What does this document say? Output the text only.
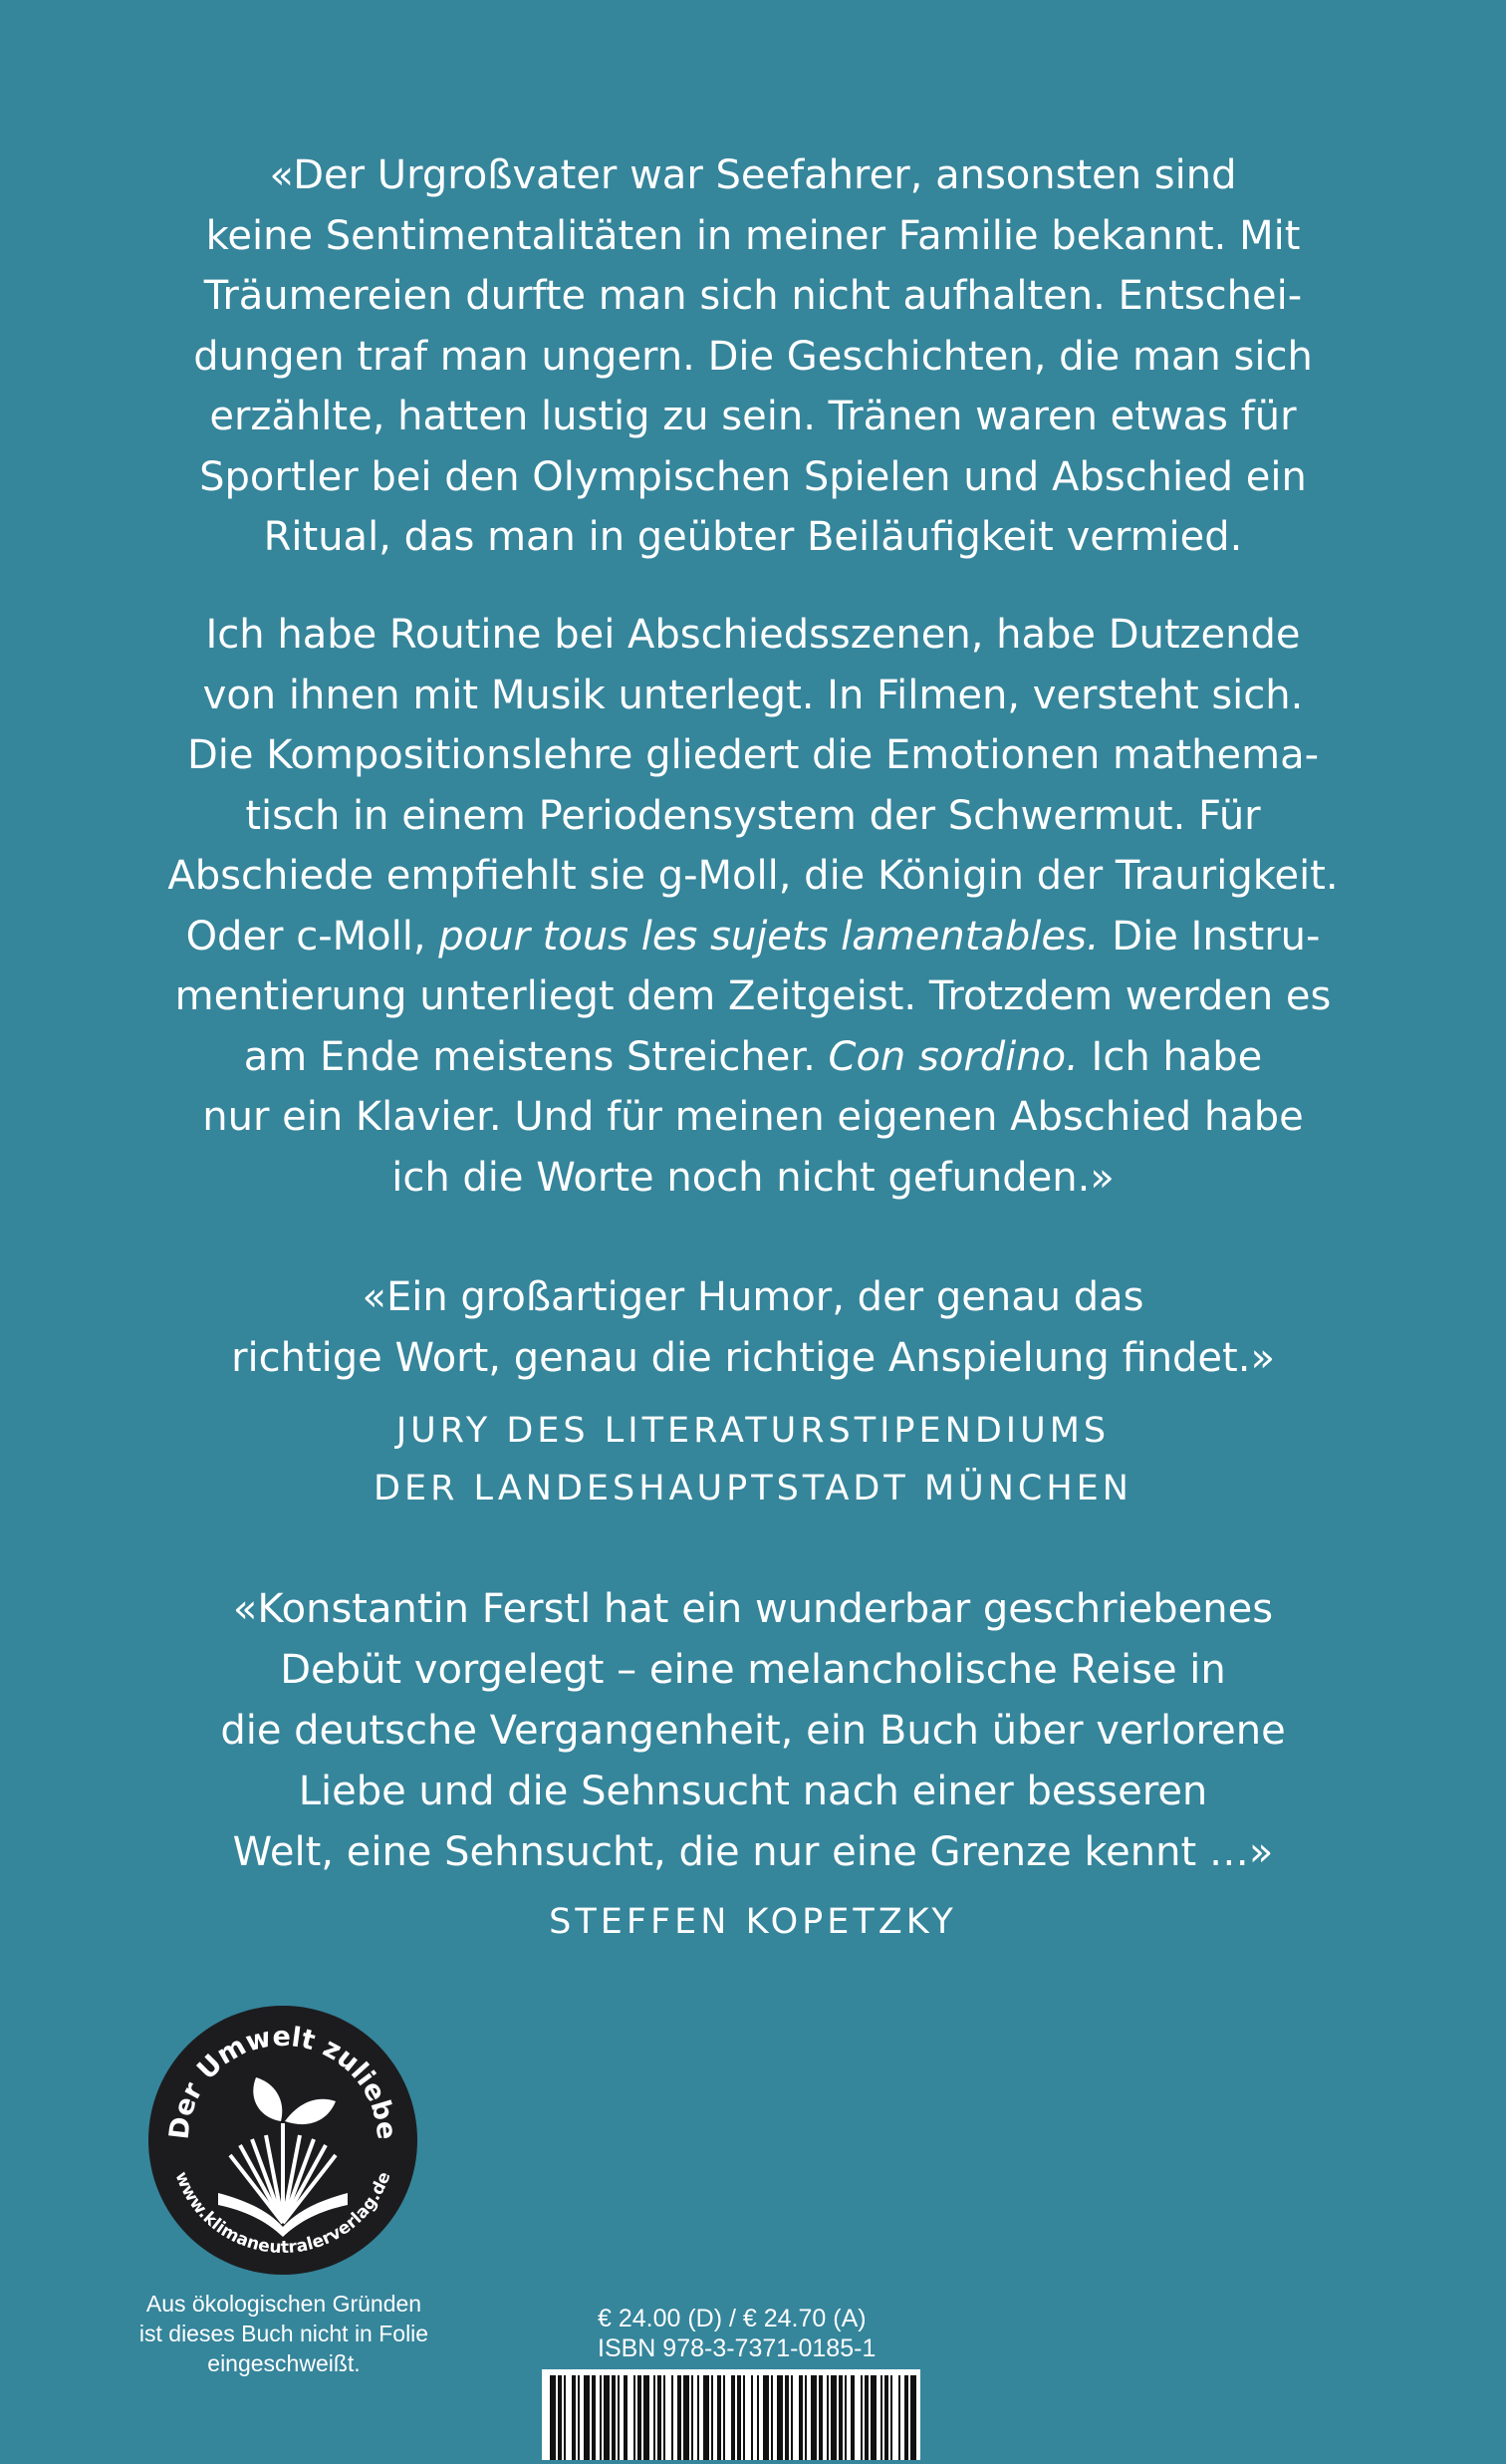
«Der Urgroßvater war Seefahrer, ansonsten sind
keine Sentimentalitäten in meiner Familie bekannt. Mit
Träumereien durfte man sich nicht aufhalten. Entschei-
dungen traf man ungern. Die Geschichten, die man sich
erzählte, hatten lustig zu sein. Tränen waren etwas für
Sportler bei den Olympischen Spielen und Abschied ein
Ritual, das man in geübter Beiläufigkeit vermied.
Ich habe Routine bei Abschiedsszenen, habe Dutzende
von ihnen mit Musik unterlegt. In Filmen, versteht sich.
Die Kompositionslehre gliedert die Emotionen mathema-
tisch in einem Periodensystem der Schwermut. Für
Abschiede empfiehlt sie g-Moll, die Königin der Traurigkeit.
Oder c-Moll, pour tous les sujets lamentables. Die Instru-
mentierung unterliegt dem Zeitgeist. Trotzdem werden es
am Ende meistens Streicher. Con sordino. Ich habe
nur ein Klavier. Und für meinen eigenen Abschied habe
ich die Worte noch nicht gefunden.»
«Ein großartiger Humor, der genau das
richtige Wort, genau die richtige Anspielung findet.»
JURY DES LITERATURSTIPENDIUMS
DER LANDESHAUPTSTADT MÜNCHEN
«Konstantin Ferstl hat ein wunderbar geschriebenes
Debüt vorgelegt – eine melancholische Reise in
die deutsche Vergangenheit, ein Buch über verlorene
Liebe und die Sehnsucht nach einer besseren
Welt, eine Sehnsucht, die nur eine Grenze kennt …»
STEFFEN KOPETZKY
Der Umwelt zuliebe
www.klimaneutralerverlag.de
Aus ökologischen Gründen
ist dieses Buch nicht in Folie
eingeschweißt.
€ 24.00 (D) / € 24.70 (A)
ISBN 978-3-7371-0185-1
